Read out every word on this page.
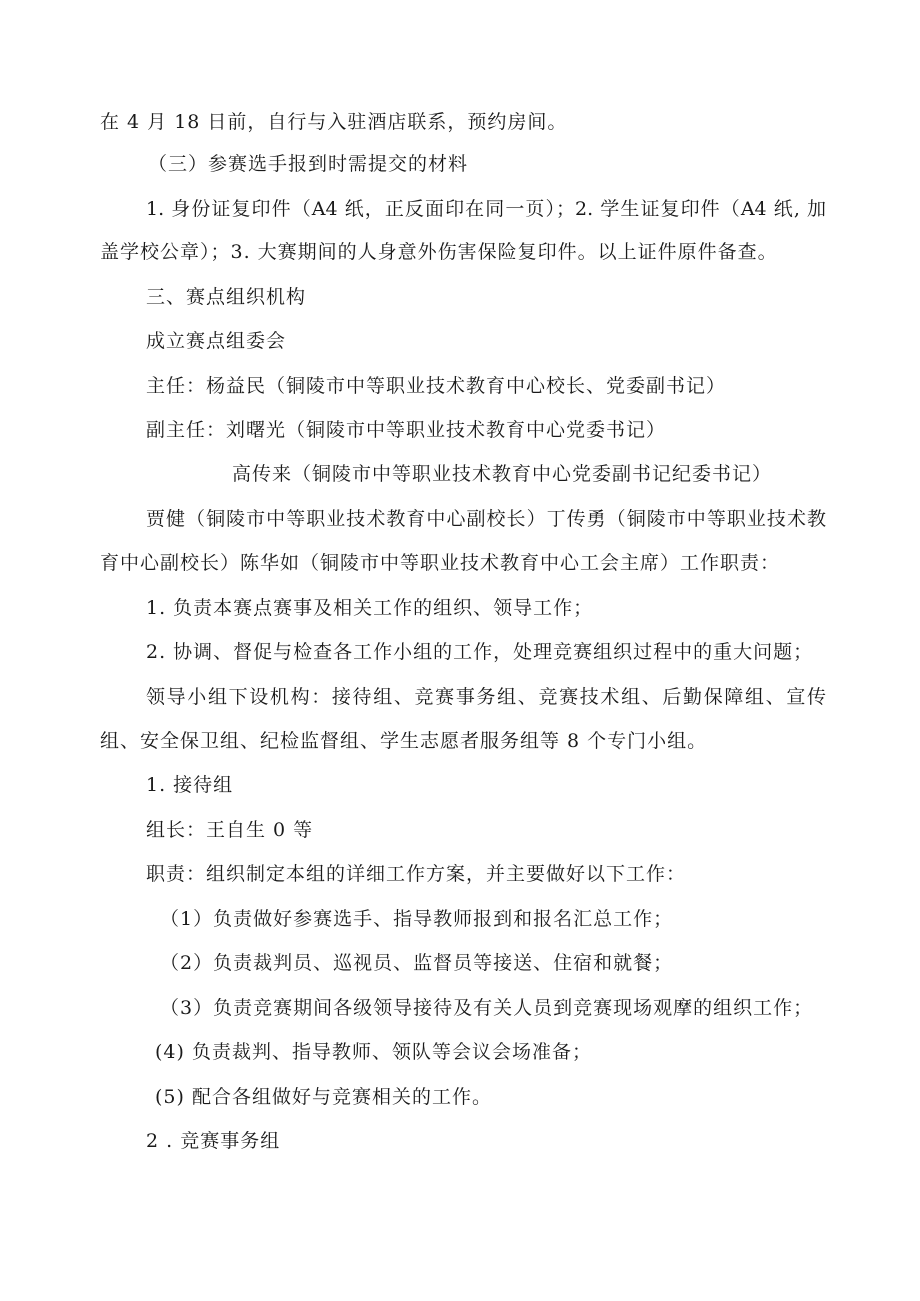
在 4 月 18 日前，自行与入驻酒店联系，预约房间。
（三）参赛选手报到时需提交的材料
1. 身份证复印件（A4 纸，正反面印在同一页）；2. 学生证复印件（A4 纸, 加
盖学校公章）；3. 大赛期间的人身意外伤害保险复印件。以上证件原件备查。
三、赛点组织机构
成立赛点组委会
主任：杨益民（铜陵市中等职业技术教育中心校长、党委副书记）
副主任：刘曙光（铜陵市中等职业技术教育中心党委书记）
高传来（铜陵市中等职业技术教育中心党委副书记纪委书记）
贾健（铜陵市中等职业技术教育中心副校长）丁传勇（铜陵市中等职业技术教
育中心副校长）陈华如（铜陵市中等职业技术教育中心工会主席）工作职责：
1. 负责本赛点赛事及相关工作的组织、领导工作；
2. 协调、督促与检查各工作小组的工作，处理竞赛组织过程中的重大问题；
领导小组下设机构：接待组、竞赛事务组、竞赛技术组、后勤保障组、宣传
组、安全保卫组、纪检监督组、学生志愿者服务组等 8 个专门小组。
1. 接待组
组长：王自生 0 等
职责：组织制定本组的详细工作方案，并主要做好以下工作：
（1）负责做好参赛选手、指导教师报到和报名汇总工作；
（2）负责裁判员、巡视员、监督员等接送、住宿和就餐；
（3）负责竞赛期间各级领导接待及有关人员到竞赛现场观摩的组织工作；
(4) 负责裁判、指导教师、领队等会议会场准备；
(5) 配合各组做好与竞赛相关的工作。
2 . 竞赛事务组
